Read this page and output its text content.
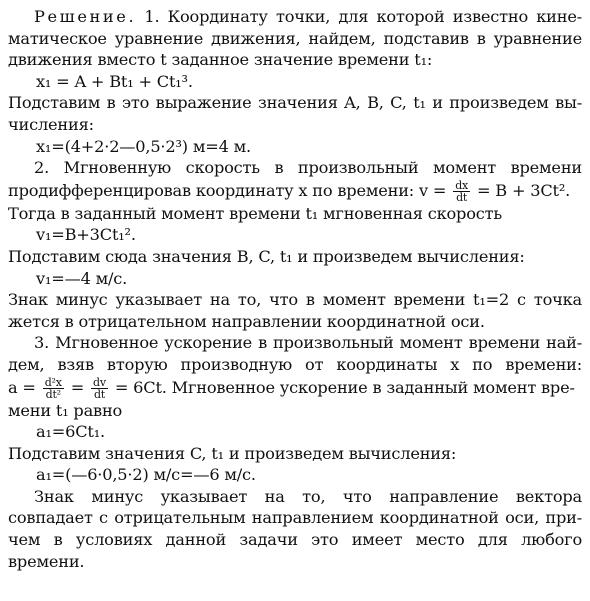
Решение. 1. Координату точки, для которой известно кине-
матическое уравнение движения, найдем, подставив в уравнение
движения вместо t заданное значение времени t₁:
x₁ = A + Bt₁ + Ct₁³.
Подставим в это выражение значения A, B, C, t₁ и произведем вы-
числения:
x₁=(4+2·2—0,5·2³) м=4 м.
2. Мгновенную скорость в произвольный момент времени
продифференцировав координату x по времени: $v = \frac{dx}{dt} = B + 3Ct^2$.
Тогда в заданный момент времени t₁ мгновенная скорость
v₁=B+3Ct₁².
Подставим сюда значения B, C, t₁ и произведем вычисления:
v₁=—4 м/с.
Знак минус указывает на то, что в момент времени t₁=2 с точка
жется в отрицательном направлении координатной оси.
3. Мгновенное ускорение в произвольный момент времени най-
дем, взяв вторую производную от координаты x по времени:
$a = \frac{\text{d²x}}{\text{dt²}} = \frac{dv}{dt} = 6Ct$. Мгновенное ускорение в заданный момент вре-
мени t₁ равно
a₁=6Ct₁.
Подставим значения C, t₁ и произведем вычисления:
a₁=(—6·0,5·2) м/с=—6 м/с.
Знак минус указывает на то, что направление вектора
совпадает с отрицательным направлением координатной оси, при-
чем в условиях данной задачи это имеет место для любого
времени.
